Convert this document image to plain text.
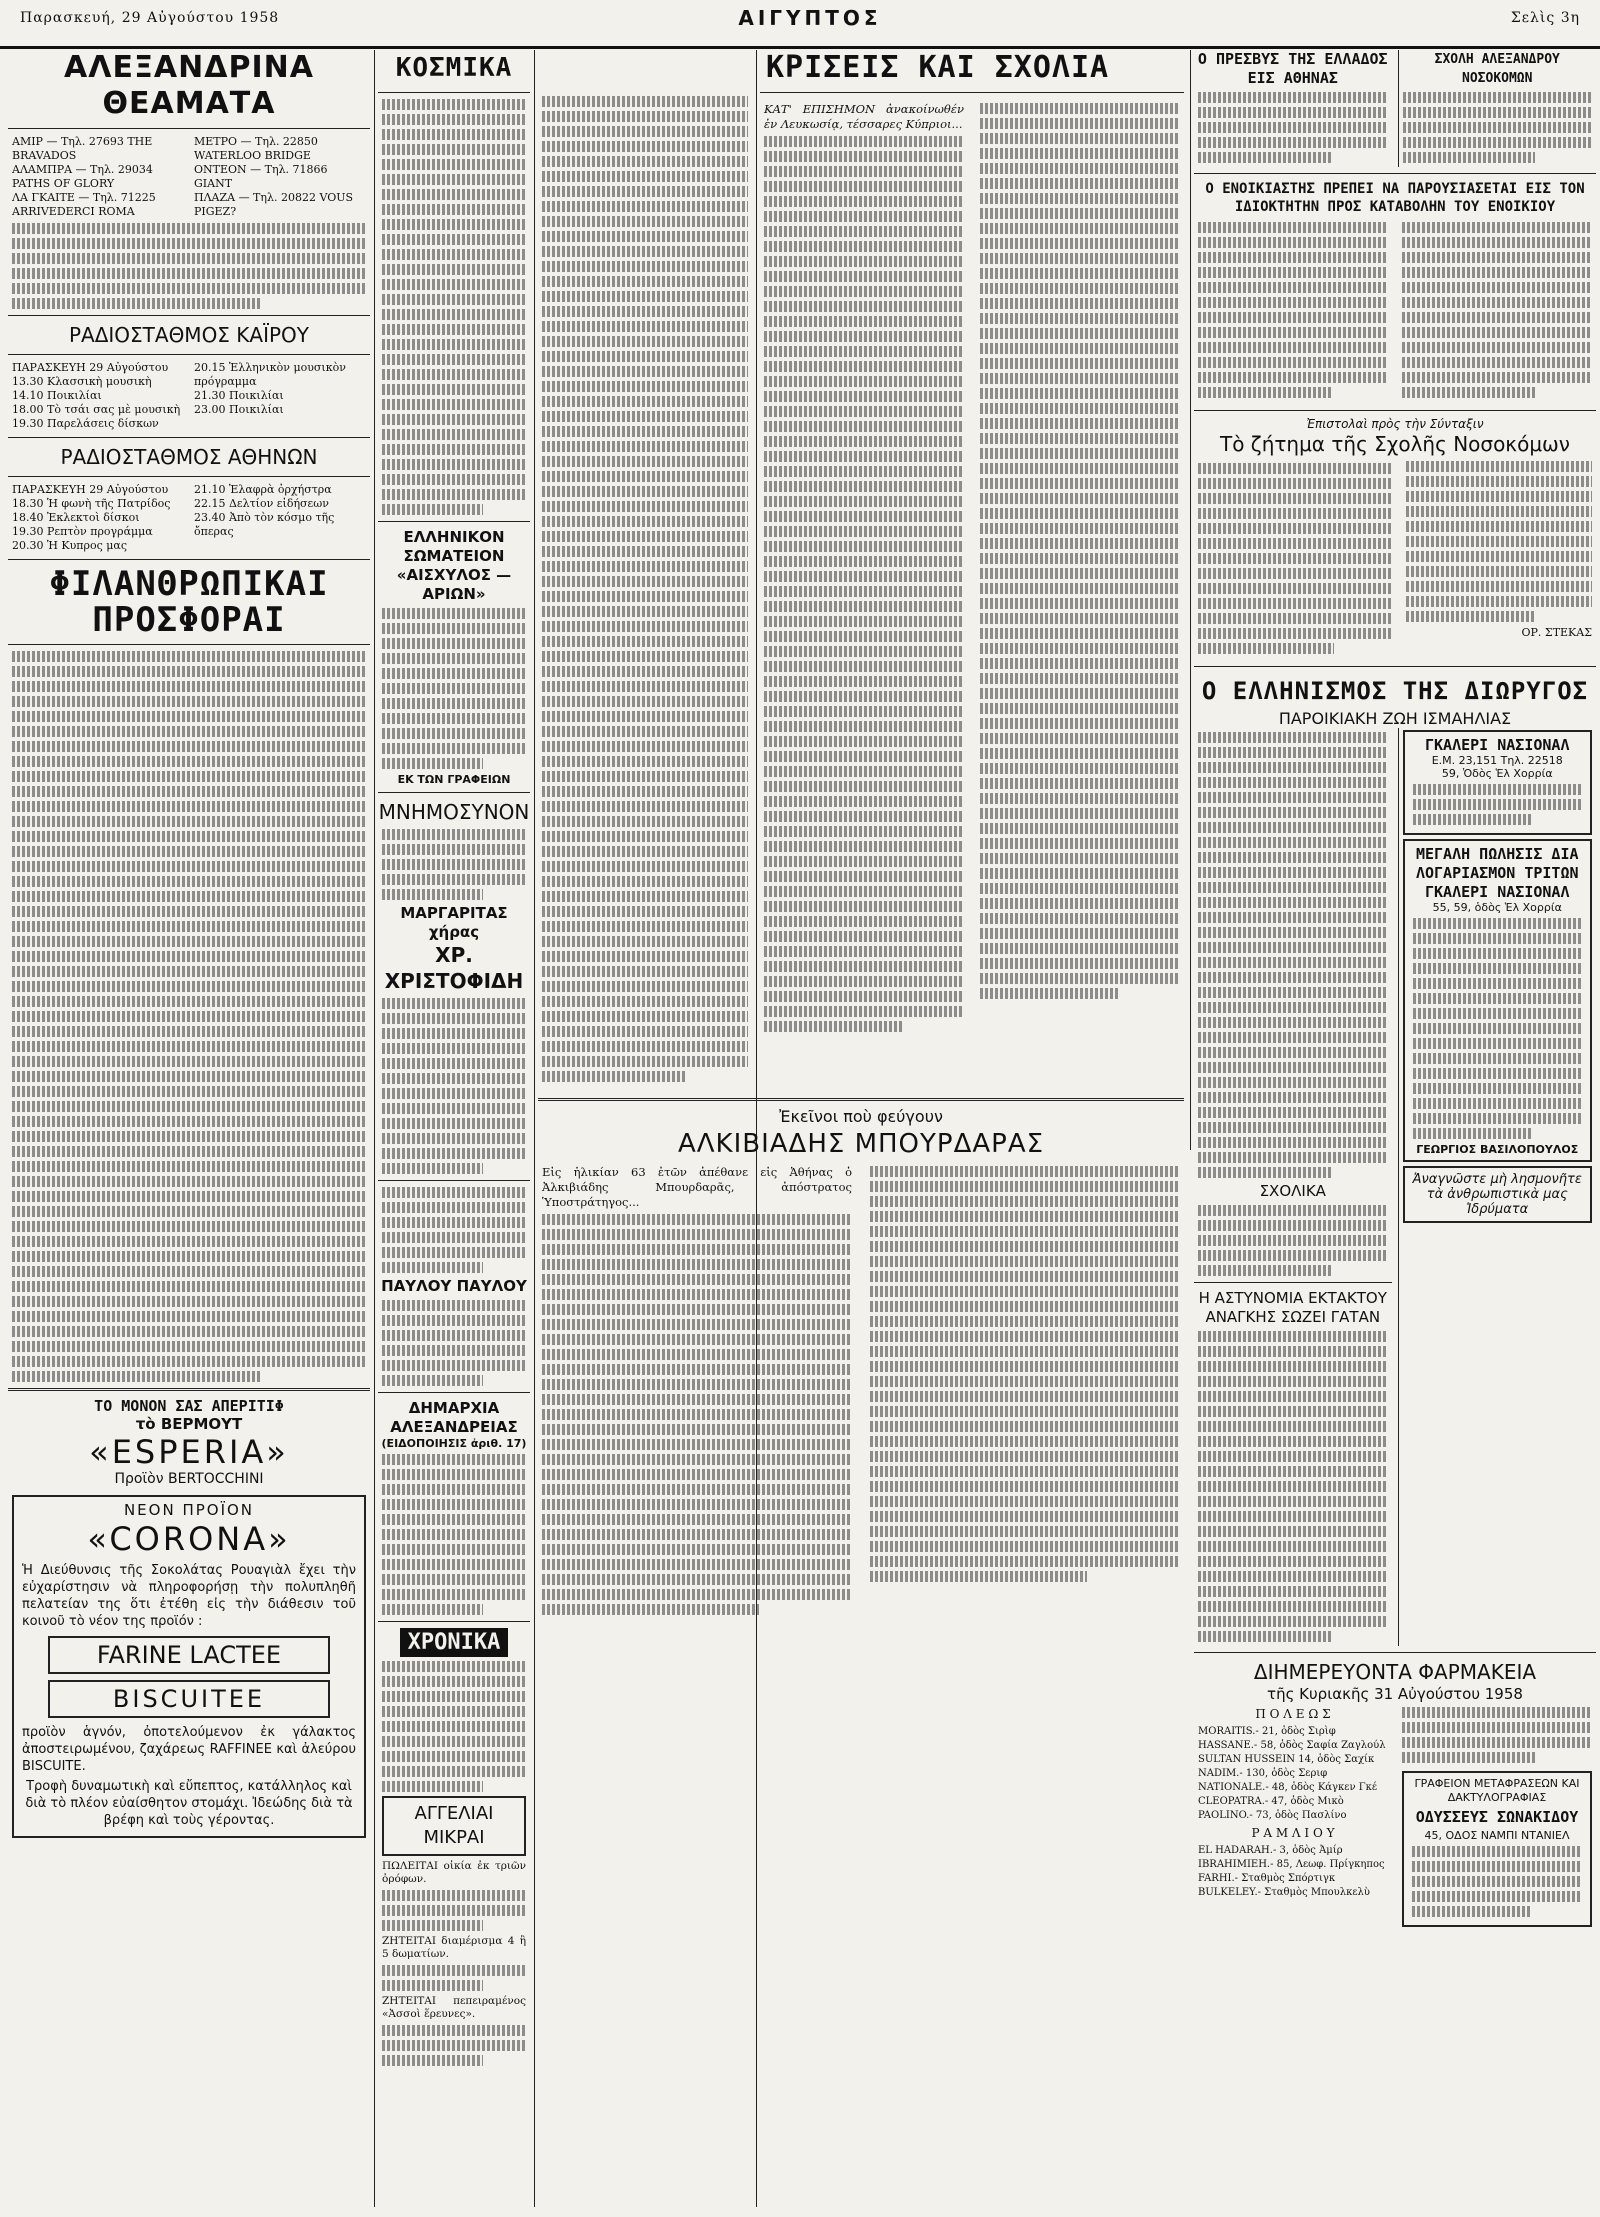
Παρασκευή, 29 Αὐγούστου 1958	ΑΙΓΥΠΤΟΣ	Σελὶς 3η
ΑΛΕΞΑΝΔΡΙΝΑ ΘΕΑΜΑΤΑ
ΑΜΙΡ — Τηλ. 27693 THE BRAVADOS
ΑΛΑΜΠΡΑ — Τηλ. 29034 PATHS OF GLORY
ΛΑ ΓΚΑΙΤΕ — Τηλ. 71225 ARRIVEDERCI ROMA
ΜΕΤΡΟ — Τηλ. 22850 WATERLOO BRIDGE
ΟΝΤΕΟΝ — Τηλ. 71866 GIANT
ΠΛΑΖΑ — Τηλ. 20822 VOUS PIGEZ?
ΡΑΔΙΟΣΤΑΘΜΟΣ ΚΑΪΡΟΥ
ΠΑΡΑΣΚΕΥΗ 29 Αὐγούστου
13.30 Κλασσικὴ μουσικὴ
14.10 Ποικιλίαι
18.00 Τὸ τσάι σας μὲ μουσικὴ
19.30 Παρελάσεις δίσκων
20.15 Ἑλληνικὸν μουσικὸν πρόγραμμα
21.30 Ποικιλίαι
23.00 Ποικιλίαι
ΡΑΔΙΟΣΤΑΘΜΟΣ ΑΘΗΝΩΝ
ΠΑΡΑΣΚΕΥΗ 29 Αὐγούστου
18.30 Ἡ φωνὴ τῆς Πατρίδος
18.40 Ἐκλεκτοὶ δίσκοι
19.30 Ρεπτὸν προγράμμα
20.30 Ἡ Κυπρος μας
21.10 Ἐλαφρὰ ὀρχήστρα
22.15 Δελτίον εἰδήσεων
23.40 Ἀπὸ τὸν κόσμο τῆς ὄπερας
ΦΙΛΑΝΘΡΩΠΙΚΑΙ ΠΡΟΣΦΟΡΑΙ
ΤΟ ΜΟΝΟΝ ΣΑΣ ΑΠΕΡΙΤΙΦ
τὸ ΒΕΡΜΟΥΤ
«ESPERIA»
Προϊὸν BERTOCCHINI
ΝΕΟΝ ΠΡΟΪΟΝ
«CORONA»
Ἡ Διεύθυνσις τῆς Σοκολάτας Ρουαγιὰλ ἔχει τὴν εὐχαρίστησιν νὰ πληροφορήσῃ τὴν πολυπληθῆ πελατείαν της ὅτι ἐτέθη εἰς τὴν διάθεσιν τοῦ κοινοῦ τὸ νέον της προϊόν :
FARINE LACTEE
BISCUITEE
προϊὸν ἁγνόν, ὀποτελούμενον ἐκ γάλακτος ἀποστειρωμένου, ζαχάρεως RAFFINEE καὶ ἀλεύρου BISCUITE.
Τροφὴ δυναμωτικὴ καὶ εὔπεπτος, κατάλληλος καὶ διὰ τὸ πλέον εὐαίσθητον στομάχι. Ἰδεώδης διὰ τὰ βρέφη καὶ τοὺς γέροντας.
ΚΟΣΜΙΚΑ
ΕΛΛΗΝΙΚΟΝ ΣΩΜΑΤΕΙΟΝ «ΑΙΣΧΥΛΟΣ — ΑΡΙΩΝ»
ΕΚ ΤΩΝ ΓΡΑΦΕΙΩΝ
ΜΝΗΜΟΣΥΝΟΝ
ΜΑΡΓΑΡΙΤΑΣ χήρας
ΧΡ. ΧΡΙΣΤΟΦΙΔΗ
ΠΑΥΛΟΥ ΠΑΥΛΟΥ
ΔΗΜΑΡΧΙΑ ΑΛΕΞΑΝΔΡΕΙΑΣ
(ΕΙΔΟΠΟΙΗΣΙΣ ἀριθ. 17)
ΧΡΟΝΙΚΑ
ΑΓΓΕΛΙΑΙ ΜΙΚΡΑΙ
ΠΩΛΕΙΤΑΙ οἰκία ἐκ τριῶν ὀρόφων.
ΖΗΤΕΙΤΑΙ διαμέρισμα 4 ἢ 5 δωματίων.
ΖΗΤΕΙΤΑΙ πεπειραμένος «Ἀσσοὶ ἕρευνες».
ΚΡΙΣΕΙΣ ΚΑΙ ΣΧΟΛΙΑ
ΚΑΤ' ΕΠΙΣΗΜΟΝ ἀνακοίνωθέν ἐν Λευκωσίᾳ, τέσσαρες Κύπριοι...
Ἐκεῖνοι ποὺ φεύγουν
ΑΛΚΙΒΙΑΔΗΣ ΜΠΟΥΡΔΑΡΑΣ
Εἰς ἡλικίαν 63 ἐτῶν ἀπέθανε εἰς Ἀθήνας ὁ Ἀλκιβιάδης Μπουρδαρᾶς, ἀπόστρατος Ὑποστράτηγος...
Ο ΠΡΕΣΒΥΣ ΤΗΣ ΕΛΛΑΔΟΣ ΕΙΣ ΑΘΗΝΑΣ
ΣΧΟΛΗ ΑΛΕΞΑΝΔΡΟΥ ΝΟΣΟΚΟΜΩΝ
Ο ΕΝΟΙΚΙΑΣΤΗΣ ΠΡΕΠΕΙ ΝΑ ΠΑΡΟΥΣΙΑΣΕΤΑΙ ΕΙΣ ΤΟΝ ΙΔΙΟΚΤΗΤΗΝ ΠΡΟΣ ΚΑΤΑΒΟΛΗΝ ΤΟΥ ΕΝΟΙΚΙΟΥ
Ἐπιστολαὶ πρὸς τὴν Σύνταξιν
Τὸ ζήτημα τῆς Σχολῆς Νοσοκόμων
ΟΡ. ΣΤΕΚΑΣ
Ο ΕΛΛΗΝΙΣΜΟΣ ΤΗΣ ΔΙΩΡΥΓΟΣ
ΠΑΡΟΙΚΙΑΚΗ ΖΩΗ ΙΣΜΑΗΛΙΑΣ
ΣΧΟΛΙΚΑ
Η ΑΣΤΥΝΟΜΙΑ ΕΚΤΑΚΤΟΥ ΑΝΑΓΚΗΣ ΣΩΖΕΙ ΓΑΤΑΝ
ΓΚΑΛΕΡΙ ΝΑΣΙΟΝΑΛ
Ε.Μ. 23,151 Τηλ. 22518
59, Ὁδὸς Ἑλ Χορρία
ΜΕΓΑΛΗ ΠΩΛΗΣΙΣ ΔΙΑ ΛΟΓΑΡΙΑΣΜΟΝ ΤΡΙΤΩΝ
ΓΚΑΛΕΡΙ ΝΑΣΙΟΝΑΛ
55, 59, ὁδὸς Ἑλ Χορρία
ΓΕΩΡΓΙΟΣ ΒΑΣΙΛΟΠΟΥΛΟΣ
Ἀναγνῶστε μὴ λησμονῆτε τὰ ἀνθρωπιστικὰ μας Ἱδρύματα
ΔΙΗΜΕΡΕΥΟΝΤΑ ΦΑΡΜΑΚΕΙΑ
τῆς Κυριακῆς 31 Αὐγούστου 1958
Π Ο Λ Ε Ω Σ
MORAITIS.- 21, ὁδὸς Σιρὶφ
HASSANE.- 58, ὁδὸς Σαφία Ζαγλούλ
SULTAN HUSSEIN 14, ὁδὸς Σαχίκ
NADIM.- 130, ὁδὸς Σεριφ
NATIONALE.- 48, ὁδὸς Κάγκεν Γκέ
CLEOPATRA.- 47, ὁδὸς Μικὸ
PAOLINO.- 73, ὁδὸς Πασλίνο
Ρ Α Μ Λ Ι Ο Υ
EL HADARAH.- 3, ὁδὸς Ἀμίρ
IBRAHIMIEH.- 85, Λεωφ. Πρίγκηπος
FARHI.- Σταθμὸς Σπόρτιγκ
BULKELEY.- Σταθμὸς Μπουλκελὺ
ΓΡΑΦΕΙΟΝ ΜΕΤΑΦΡΑΣΕΩΝ ΚΑΙ ΔΑΚΤΥΛΟΓΡΑΦΙΑΣ
ΟΔΥΣΣΕΥΣ ΣΩΝΑΚΙΔΟΥ
45, ΟΔΟΣ ΝΑΜΠΙ ΝΤΑΝΙΕΛ
